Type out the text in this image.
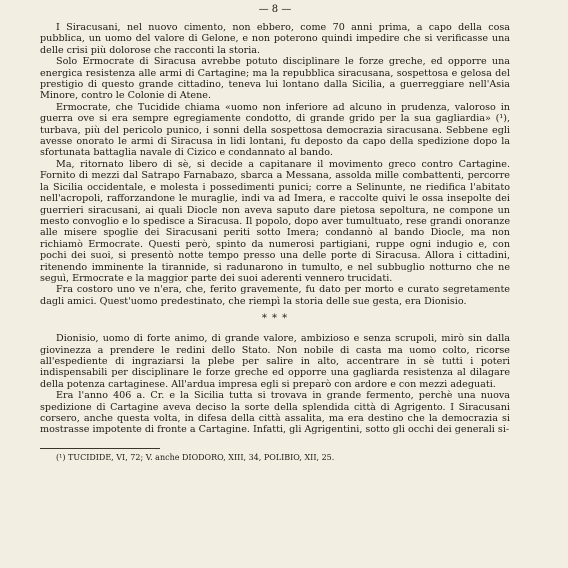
— 8 —

I Siracusani, nel nuovo cimento, non ebbero, come 70 anni prima, a capo della cosa pubblica, un uomo del valore di Gelone, e non poterono quindi impedire che si verificasse una delle crisi più dolorose che racconti la storia.

Solo Ermocrate di Siracusa avrebbe potuto disciplinare le forze greche, ed opporre una energica resistenza alle armi di Cartagine; ma la repubblica siracusana, sospettosa e gelosa del prestigio di questo grande cittadino, teneva lui lontano dalla Sicilia, a guerreggiare nell'Asia Minore, contro le Colonie di Atene.

Ermocrate, che Tucidide chiama «uomo non inferiore ad alcuno in prudenza, valoroso in guerra ove si era sempre egregiamente condotto, di grande grido per la sua gagliardia» (¹), turbava, più del pericolo punico, i sonni della sospettosa democrazia siracusana. Sebbene egli avesse onorato le armi di Siracusa in lidi lontani, fu deposto da capo della spedizione dopo la sfortunata battaglia navale di Cizico e condannato al bando.

Ma, ritornato libero di sè, si decide a capitanare il movimento greco contro Cartagine. Fornito di mezzi dal Satrapo Farnabazo, sbarca a Messana, assolda mille combattenti, percorre la Sicilia occidentale, e molesta i possedimenti punici; corre a Selinunte, ne riedifica l'abitato nell'acropoli, rafforzandone le muraglie, indi va ad Imera, e raccolte quivi le ossa insepolte dei guerrieri siracusani, ai quali Diocle non aveva saputo dare pietosa sepoltura, ne compone un mesto convoglio e lo spedisce a Siracusa. Il popolo, dopo aver tumultuato, rese grandi onoranze alle misere spoglie dei Siracusani periti sotto Imera; condannò al bando Diocle, ma non richiamò Ermocrate. Questi però, spinto da numerosi partigiani, ruppe ogni indugio e, con pochi dei suoi, si presentò notte tempo presso una delle porte di Siracusa. Allora i cittadini, ritenendo imminente la tirannide, si radunarono in tumulto, e nel subbuglio notturno che ne seguì, Ermocrate e la maggior parte dei suoi aderenti vennero trucidati.

Fra costoro uno ve n'era, che, ferito gravemente, fu dato per morto e curato segretamente dagli amici. Quest'uomo predestinato, che riempì la storia delle sue gesta, era Dionisio.

* * *

Dionisio, uomo di forte animo, di grande valore, ambizioso e senza scrupoli, mirò sin dalla giovinezza a prendere le redini dello Stato. Non nobile di casta ma uomo colto, ricorse all'espediente di ingraziarsi la plebe per salire in alto, accentrare in sè tutti i poteri indispensabili per disciplinare le forze greche ed opporre una gagliarda resistenza al dilagare della potenza cartaginese. All'ardua impresa egli si preparò con ardore e con mezzi adeguati.

Era l'anno 406 a. Cr. e la Sicilia tutta si trovava in grande fermento, perchè una nuova spedizione di Cartagine aveva deciso la sorte della splendida città di Agrigento. I Siracusani corsero, anche questa volta, in difesa della città assalita, ma era destino che la democrazia si mostrasse impotente di fronte a Cartagine. Infatti, gli Agrigentini, sotto gli occhi dei generali si-

(¹) TUCIDIDE, VI, 72; V. anche DIODORO, XIII, 34, POLIBIO, XII, 25.
